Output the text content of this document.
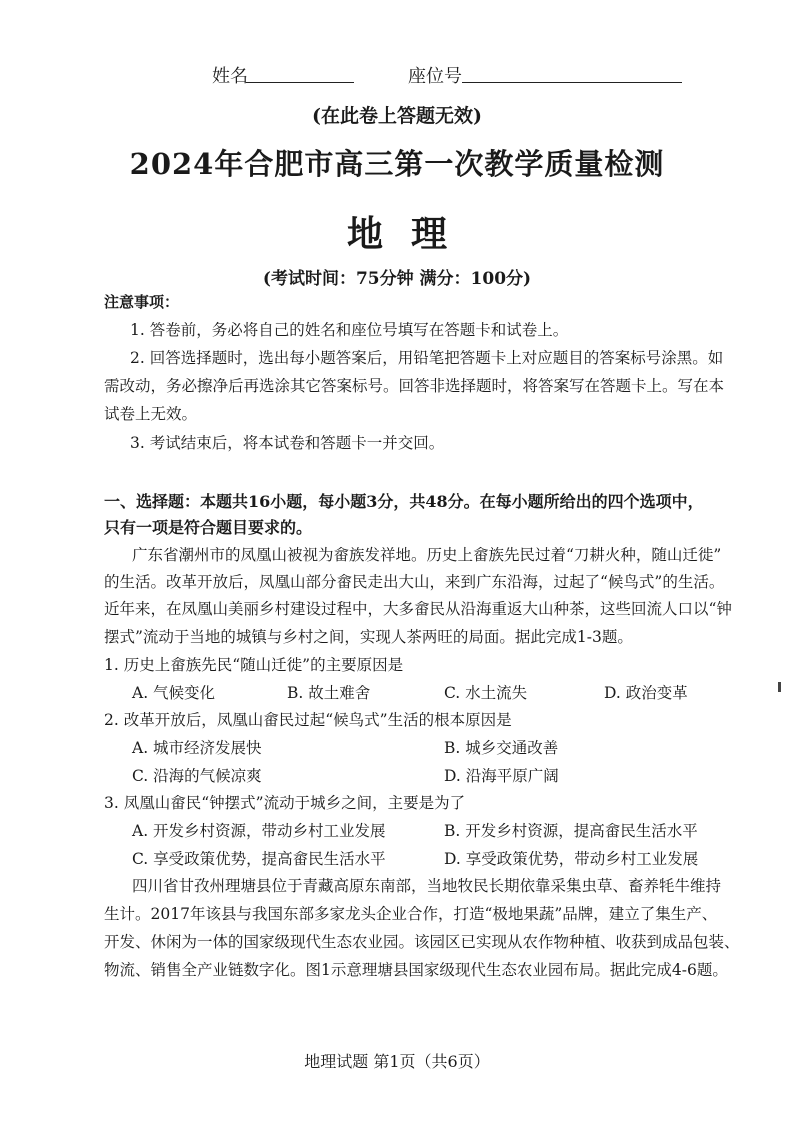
姓名	座位号
(在此卷上答题无效)
2024年合肥市高三第一次教学质量检测
地理
(考试时间：75分钟 满分：100分)
注意事项：
1. 答卷前，务必将自己的姓名和座位号填写在答题卡和试卷上。
2. 回答选择题时，选出每小题答案后，用铅笔把答题卡上对应题目的答案标号涂黑。如
需改动，务必擦净后再选涂其它答案标号。回答非选择题时，将答案写在答题卡上。写在本
试卷上无效。
3. 考试结束后，将本试卷和答题卡一并交回。
一、选择题：本题共16小题，每小题3分，共48分。在每小题所给出的四个选项中，
只有一项是符合题目要求的。
广东省潮州市的凤凰山被视为畲族发祥地。历史上畲族先民过着“刀耕火种，随山迁徙”
的生活。改革开放后，凤凰山部分畲民走出大山，来到广东沿海，过起了“候鸟式”的生活。
近年来，在凤凰山美丽乡村建设过程中，大多畲民从沿海重返大山种茶，这些回流人口以“钟
摆式”流动于当地的城镇与乡村之间，实现人茶两旺的局面。据此完成1-3题。
1. 历史上畲族先民“随山迁徙”的主要原因是
A. 气候变化	B. 故土难舍	C. 水土流失	D. 政治变革
2. 改革开放后，凤凰山畲民过起“候鸟式”生活的根本原因是
A. 城市经济发展快	B. 城乡交通改善
C. 沿海的气候凉爽	D. 沿海平原广阔
3. 凤凰山畲民“钟摆式”流动于城乡之间，主要是为了
A. 开发乡村资源，带动乡村工业发展	B. 开发乡村资源，提高畲民生活水平
C. 享受政策优势，提高畲民生活水平	D. 享受政策优势，带动乡村工业发展
四川省甘孜州理塘县位于青藏高原东南部，当地牧民长期依靠采集虫草、畜养牦牛维持
生计。2017年该县与我国东部多家龙头企业合作，打造“极地果蔬”品牌，建立了集生产、
开发、休闲为一体的国家级现代生态农业园。该园区已实现从农作物种植、收获到成品包装、
物流、销售全产业链数字化。图1示意理塘县国家级现代生态农业园布局。据此完成4-6题。
地理试题 第1页（共6页）
